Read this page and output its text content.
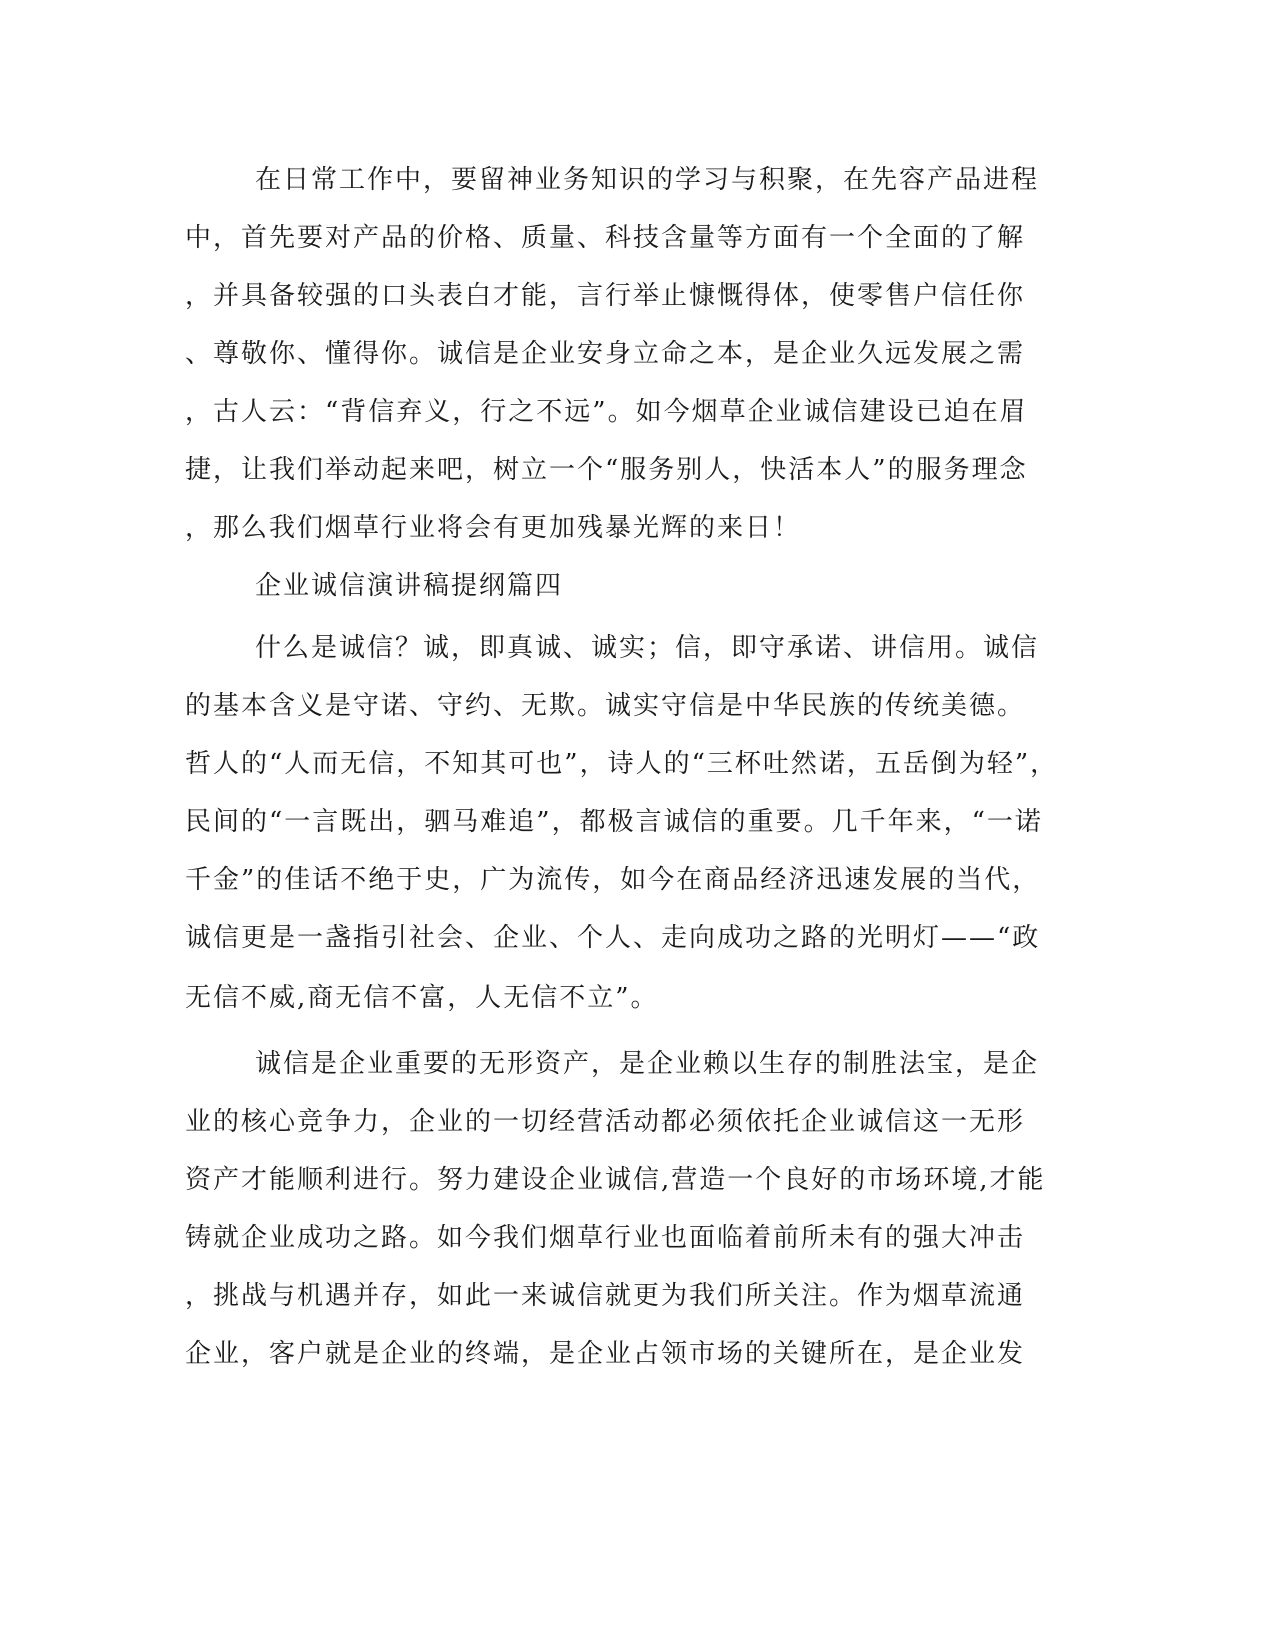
在日常工作中，要留神业务知识的学习与积聚，在先容产品进程
中，首先要对产品的价格、质量、科技含量等方面有一个全面的了解
，并具备较强的口头表白才能，言行举止慷慨得体，使零售户信任你
、尊敬你、懂得你。诚信是企业安身立命之本，是企业久远发展之需
，古人云：“背信弃义，行之不远”。如今烟草企业诚信建设已迫在眉
捷，让我们举动起来吧，树立一个“服务别人，快活本人”的服务理念
，那么我们烟草行业将会有更加残暴光辉的来日！
企业诚信演讲稿提纲篇四
什么是诚信？诚，即真诚、诚实；信，即守承诺、讲信用。诚信
的基本含义是守诺、守约、无欺。诚实守信是中华民族的传统美德。
哲人的“人而无信，不知其可也”，诗人的“三杯吐然诺，五岳倒为轻”，
民间的“一言既出，驷马难追”，都极言诚信的重要。几千年来，“一诺
千金”的佳话不绝于史，广为流传，如今在商品经济迅速发展的当代，
诚信更是一盏指引社会、企业、个人、走向成功之路的光明灯——“政
无信不威,商无信不富，人无信不立”。
诚信是企业重要的无形资产，是企业赖以生存的制胜法宝，是企
业的核心竞争力，企业的一切经营活动都必须依托企业诚信这一无形
资产才能顺利进行。努力建设企业诚信,营造一个良好的市场环境,才能
铸就企业成功之路。如今我们烟草行业也面临着前所未有的强大冲击
，挑战与机遇并存，如此一来诚信就更为我们所关注。作为烟草流通
企业，客户就是企业的终端，是企业占领市场的关键所在，是企业发
